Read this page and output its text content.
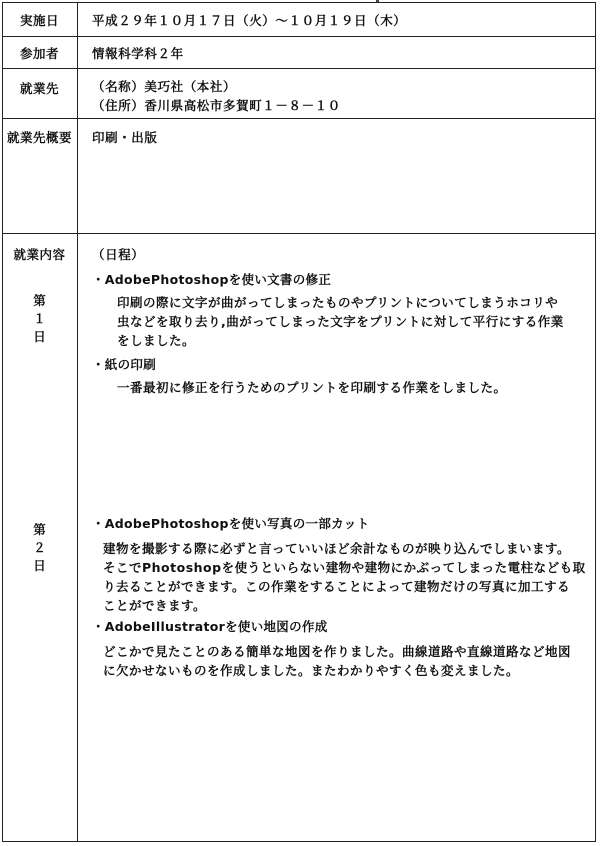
実施日	平成２９年１０月１７日（火）～１０月１９日（木）
参加者	情報科学科２年
就業先	（名称）美巧社（本社）
（住所）香川県高松市多賀町１－８－１０
就業先概要	印刷・出版
就業内容	（日程）
第
１
日
・AdobePhotoshopを使い文書の修正
印刷の際に文字が曲がってしまったものやプリントについてしまうホコリや
虫などを取り去り,曲がってしまった文字をプリントに対して平行にする作業
をしました。
・紙の印刷
一番最初に修正を行うためのプリントを印刷する作業をしました。
第
２
日
・AdobePhotoshopを使い写真の一部カット
建物を撮影する際に必ずと言っていいほど余計なものが映り込んでしまいます。
そこでPhotoshopを使うといらない建物や建物にかぶってしまった電柱なども取
り去ることができます。この作業をすることによって建物だけの写真に加工する
ことができます。
・AdobeIllustratorを使い地図の作成
どこかで見たことのある簡単な地図を作りました。曲線道路や直線道路など地図
に欠かせないものを作成しました。またわかりやすく色も変えました。
